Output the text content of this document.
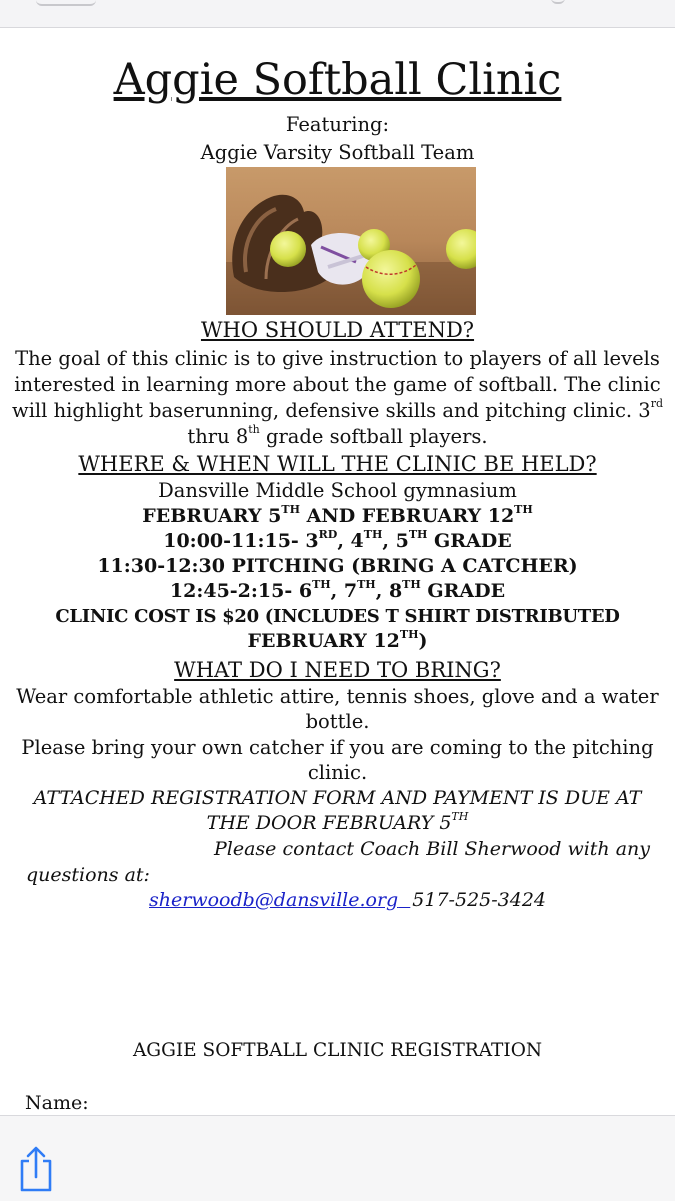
Aggie Softball Clinic
Featuring:
Aggie Varsity Softball Team
WHO SHOULD ATTEND?
The goal of this clinic is to give instruction to players of all levels
interested in learning more about the game of softball. The clinic
will highlight baserunning, defensive skills and pitching clinic. 3rd
thru 8th grade softball players.
WHERE & WHEN WILL THE CLINIC BE HELD?
Dansville Middle School gymnasium
FEBRUARY 5TH AND FEBRUARY 12TH
10:00-11:15- 3RD, 4TH, 5TH GRADE
11:30-12:30 PITCHING (BRING A CATCHER)
12:45-2:15- 6TH, 7TH, 8TH GRADE
CLINIC COST IS $20 (INCLUDES T SHIRT DISTRIBUTED
FEBRUARY 12TH)
WHAT DO I NEED TO BRING?
Wear comfortable athletic attire, tennis shoes, glove and a water
bottle.
Please bring your own catcher if you are coming to the pitching
clinic.
ATTACHED REGISTRATION FORM AND PAYMENT IS DUE AT
THE DOOR FEBRUARY 5TH
Please contact Coach Bill Sherwood with any
questions at:
sherwoodb@dansville.org 517-525-3424
AGGIE SOFTBALL CLINIC REGISTRATION
Name:
